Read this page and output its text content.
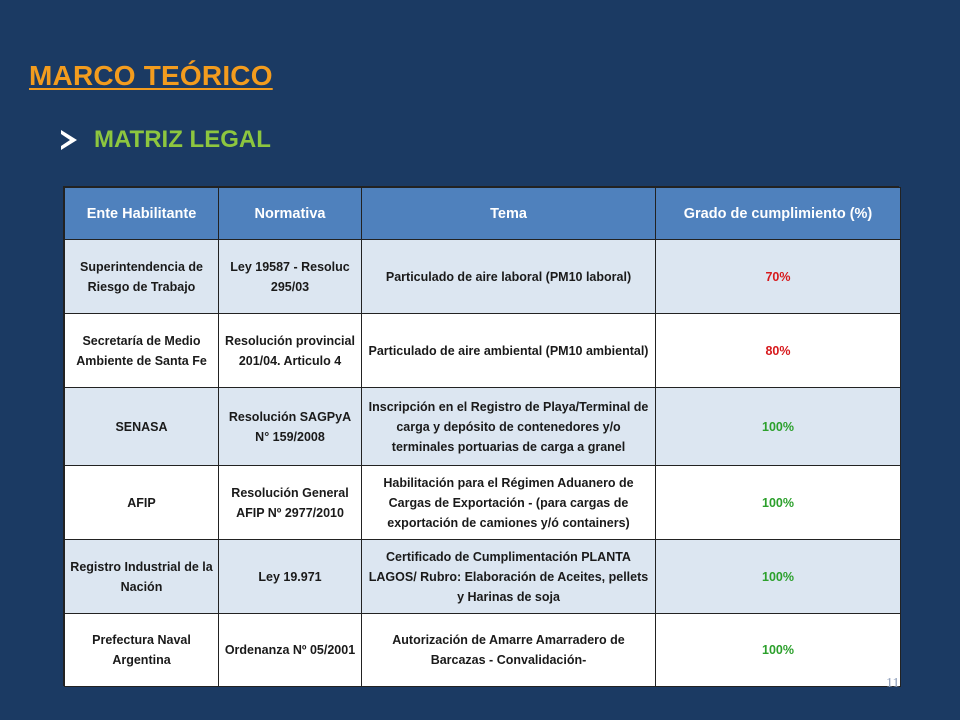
MARCO TEÓRICO
MATRIZ LEGAL
Ente Habilitante	Normativa	Tema	Grado de cumplimiento (%)
Superintendencia de Riesgo de Trabajo	Ley 19587 - Resoluc 295/03	Particulado de aire laboral (PM10 laboral)	70%
Secretaría de Medio Ambiente de Santa Fe	Resolución provincial 201/04. Articulo 4	Particulado de aire ambiental (PM10 ambiental)	80%
SENASA	Resolución SAGPyA N° 159/2008	Inscripción en el Registro de Playa/Terminal de carga y depósito de contenedores y/o terminales portuarias de carga a granel	100%
AFIP	Resolución General AFIP Nº 2977/2010	Habilitación para el Régimen Aduanero de Cargas de Exportación - (para cargas de exportación de camiones y/ó containers)	100%
Registro Industrial de la Nación	Ley 19.971	Certificado de Cumplimentación PLANTA LAGOS/ Rubro: Elaboración de Aceites, pellets y Harinas de soja	100%
Prefectura Naval Argentina	Ordenanza Nº 05/2001	Autorización de Amarre Amarradero de Barcazas - Convalidación-	100%
11
